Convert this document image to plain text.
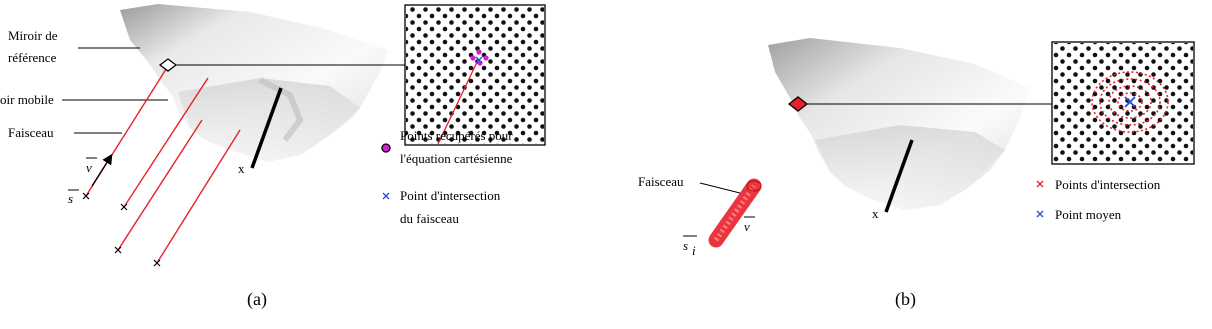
Miroir de
référence
oir mobile
Faisceau
v
s
x
Points récupérés pour
l'équation cartésienne
Point d'intersection
du faisceau
(a)
x
Faisceau
v
s i
Points d'intersection
Point moyen
(b)
